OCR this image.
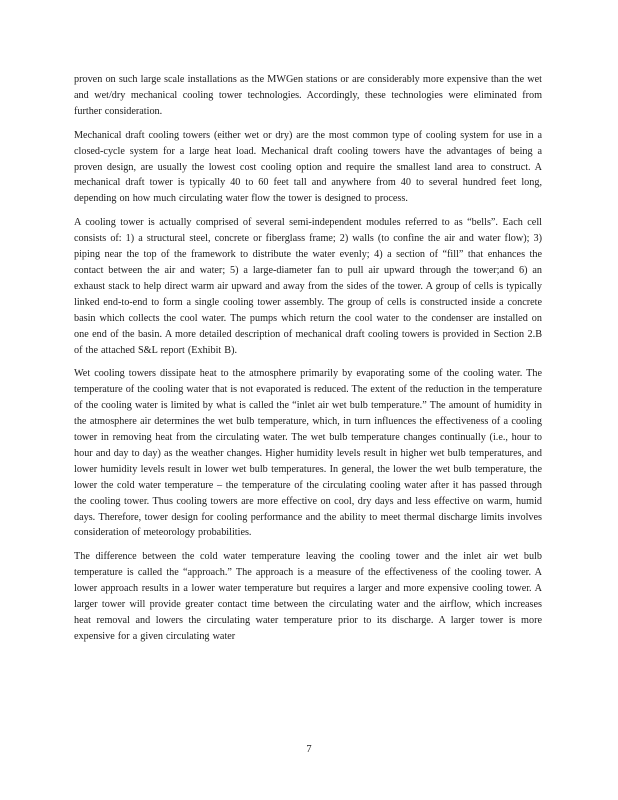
proven on such large scale installations as the MWGen stations or are considerably more expensive than the wet and wet/dry mechanical cooling tower technologies. Accordingly, these technologies were eliminated from further consideration.

Mechanical draft cooling towers (either wet or dry) are the most common type of cooling system for use in a closed-cycle system for a large heat load. Mechanical draft cooling towers have the advantages of being a proven design, are usually the lowest cost cooling option and require the smallest land area to construct. A mechanical draft tower is typically 40 to 60 feet tall and anywhere from 40 to several hundred feet long, depending on how much circulating water flow the tower is designed to process.

A cooling tower is actually comprised of several semi-independent modules referred to as “bells”. Each cell consists of: 1) a structural steel, concrete or fiberglass frame; 2) walls (to confine the air and water flow); 3) piping near the top of the framework to distribute the water evenly; 4) a section of “fill” that enhances the contact between the air and water; 5) a large-diameter fan to pull air upward through the tower;and 6) an exhaust stack to help direct warm air upward and away from the sides of the tower. A group of cells is typically linked end-to-end to form a single cooling tower assembly. The group of cells is constructed inside a concrete basin which collects the cool water. The pumps which return the cool water to the condenser are installed on one end of the basin. A more detailed description of mechanical draft cooling towers is provided in Section 2.B of the attached S&L report (Exhibit B).

Wet cooling towers dissipate heat to the atmosphere primarily by evaporating some of the cooling water. The temperature of the cooling water that is not evaporated is reduced. The extent of the reduction in the temperature of the cooling water is limited by what is called the “inlet air wet bulb temperature.” The amount of humidity in the atmosphere air determines the wet bulb temperature, which, in turn influences the effectiveness of a cooling tower in removing heat from the circulating water. The wet bulb temperature changes continually (i.e., hour to hour and day to day) as the weather changes. Higher humidity levels result in higher wet bulb temperatures, and lower humidity levels result in lower wet bulb temperatures. In general, the lower the wet bulb temperature, the lower the cold water temperature – the temperature of the circulating cooling water after it has passed through the cooling tower. Thus cooling towers are more effective on cool, dry days and less effective on warm, humid days. Therefore, tower design for cooling performance and the ability to meet thermal discharge limits involves consideration of meteorology probabilities.

The difference between the cold water temperature leaving the cooling tower and the inlet air wet bulb temperature is called the “approach.” The approach is a measure of the effectiveness of the cooling tower. A lower approach results in a lower water temperature but requires a larger and more expensive cooling tower. A larger tower will provide greater contact time between the circulating water and the airflow, which increases heat removal and lowers the circulating water temperature prior to its discharge. A larger tower is more expensive for a given circulating water

7
